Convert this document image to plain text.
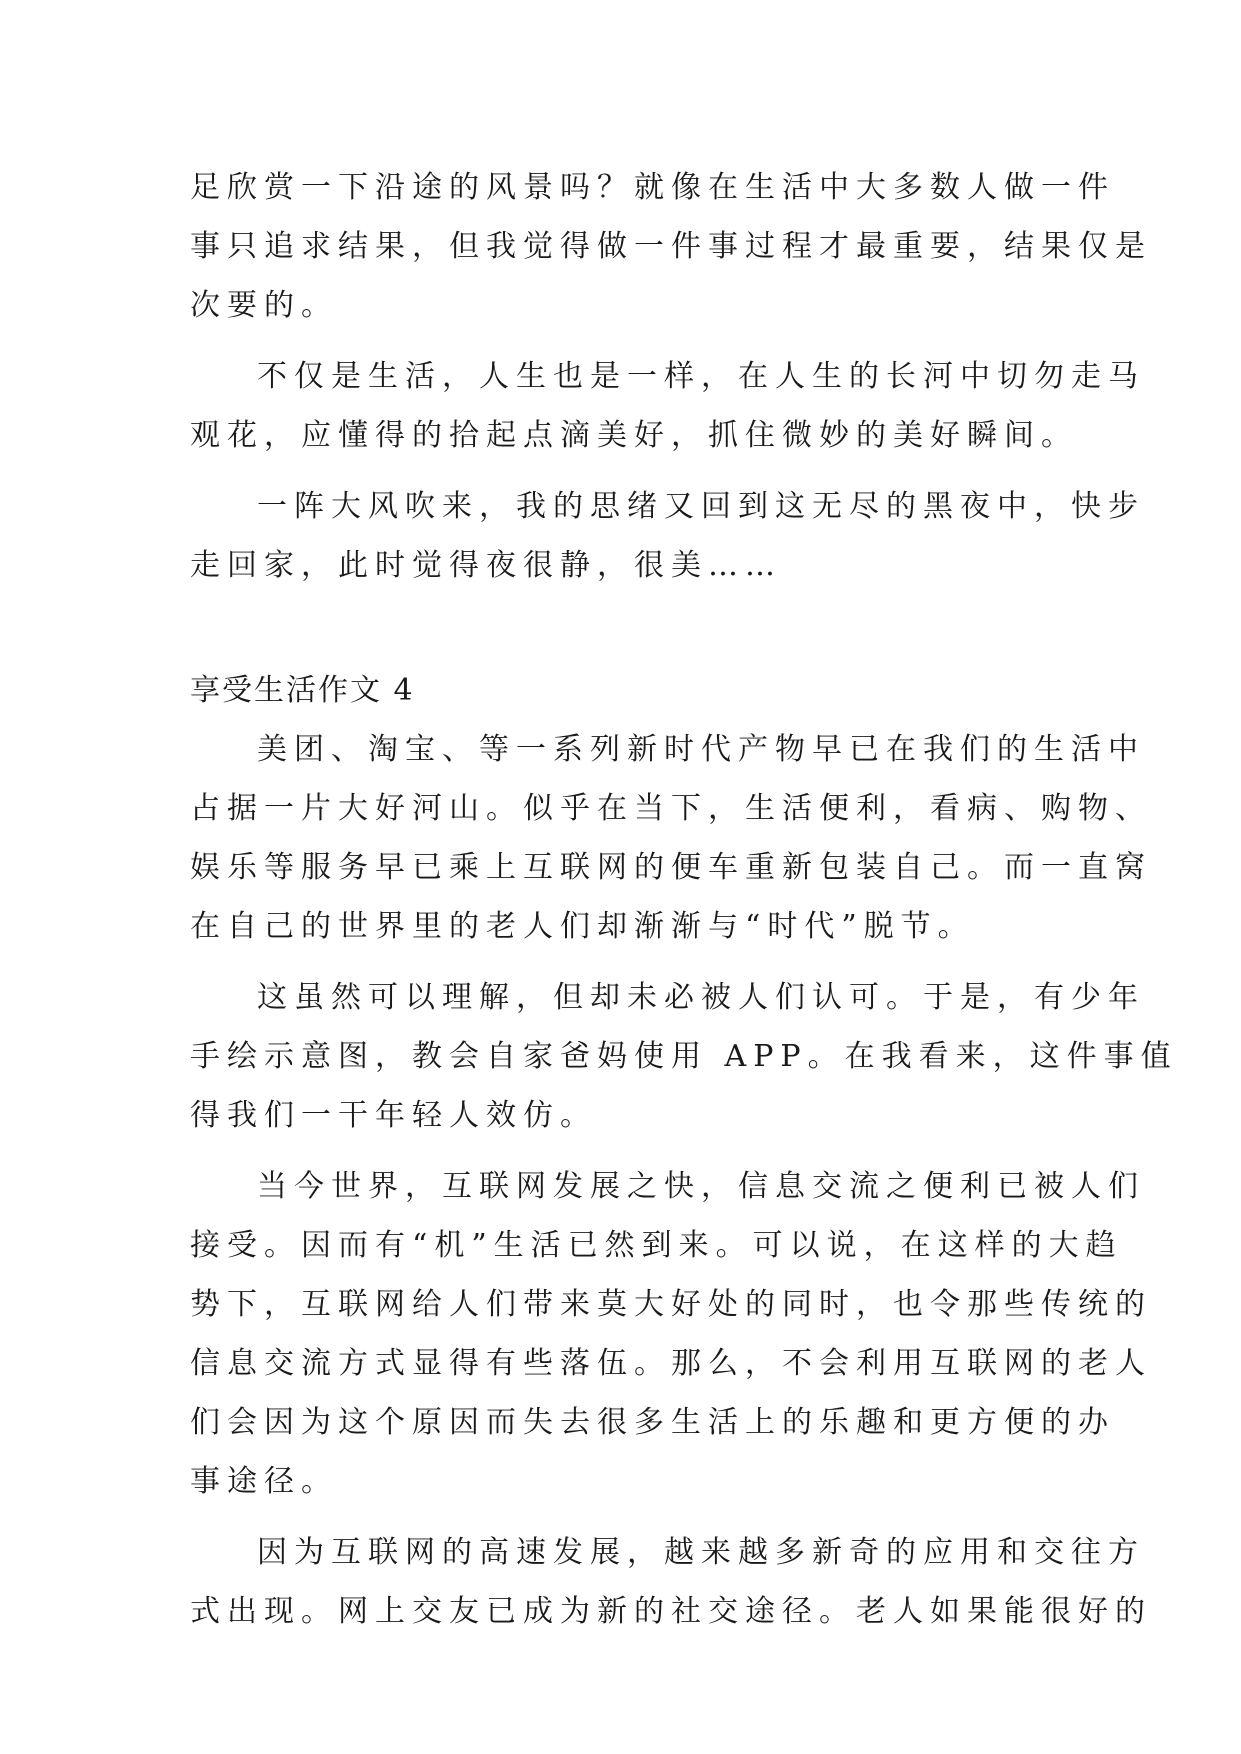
足欣赏一下沿途的风景吗？就像在生活中大多数人做一件
事只追求结果，但我觉得做一件事过程才最重要，结果仅是
次要的。

不仅是生活，人生也是一样，在人生的长河中切勿走马
观花，应懂得的拾起点滴美好，抓住微妙的美好瞬间。

一阵大风吹来，我的思绪又回到这无尽的黑夜中，快步
走回家，此时觉得夜很静，很美……

享受生活作文 4

美团、淘宝、等一系列新时代产物早已在我们的生活中
占据一片大好河山。似乎在当下，生活便利，看病、购物、
娱乐等服务早已乘上互联网的便车重新包装自己。而一直窝
在自己的世界里的老人们却渐渐与“时代”脱节。

这虽然可以理解，但却未必被人们认可。于是，有少年
手绘示意图，教会自家爸妈使用 APP。在我看来，这件事值
得我们一干年轻人效仿。

当今世界，互联网发展之快，信息交流之便利已被人们
接受。因而有“机”生活已然到来。可以说，在这样的大趋
势下，互联网给人们带来莫大好处的同时，也令那些传统的
信息交流方式显得有些落伍。那么，不会利用互联网的老人
们会因为这个原因而失去很多生活上的乐趣和更方便的办
事途径。

因为互联网的高速发展，越来越多新奇的应用和交往方
式出现。网上交友已成为新的社交途径。老人如果能很好的
